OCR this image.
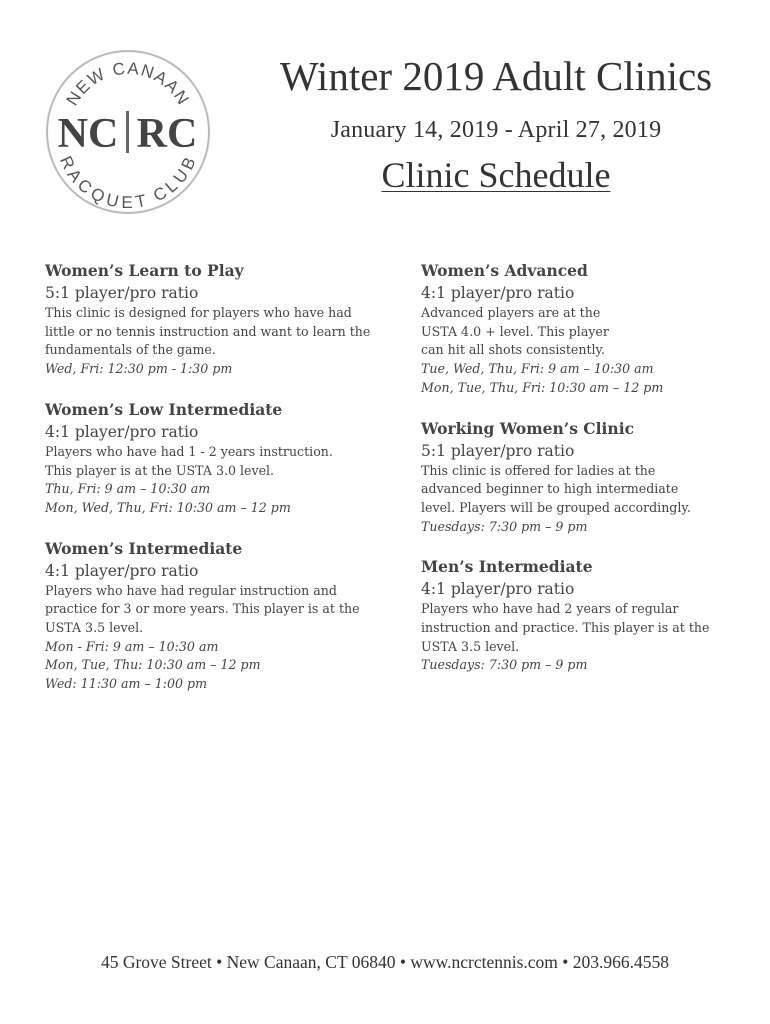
NEW CANAAN
RACQUET CLUB
NC RC
Winter 2019 Adult Clinics
January 14, 2019 - April 27, 2019
Clinic Schedule
Women’s Learn to Play
5:1 player/pro ratio
This clinic is designed for players who have had
little or no tennis instruction and want to learn the
fundamentals of the game.
Wed, Fri: 12:30 pm - 1:30 pm
Women’s Low Intermediate
4:1 player/pro ratio
Players who have had 1 - 2 years instruction.
This player is at the USTA 3.0 level.
Thu, Fri: 9 am – 10:30 am
Mon, Wed, Thu, Fri: 10:30 am – 12 pm
Women’s Intermediate
4:1 player/pro ratio
Players who have had regular instruction and
practice for 3 or more years. This player is at the
USTA 3.5 level.
Mon - Fri: 9 am – 10:30 am
Mon, Tue, Thu: 10:30 am – 12 pm
Wed: 11:30 am – 1:00 pm
Women’s Advanced
4:1 player/pro ratio
Advanced players are at the
USTA 4.0 + level. This player
can hit all shots consistently.
Tue, Wed, Thu, Fri: 9 am – 10:30 am
Mon, Tue, Thu, Fri: 10:30 am – 12 pm
Working Women’s Clinic
5:1 player/pro ratio
This clinic is offered for ladies at the
advanced beginner to high intermediate
level. Players will be grouped accordingly.
Tuesdays: 7:30 pm – 9 pm
Men’s Intermediate
4:1 player/pro ratio
Players who have had 2 years of regular
instruction and practice. This player is at the
USTA 3.5 level.
Tuesdays: 7:30 pm – 9 pm
45 Grove Street • New Canaan, CT 06840 • www.ncrctennis.com • 203.966.4558
